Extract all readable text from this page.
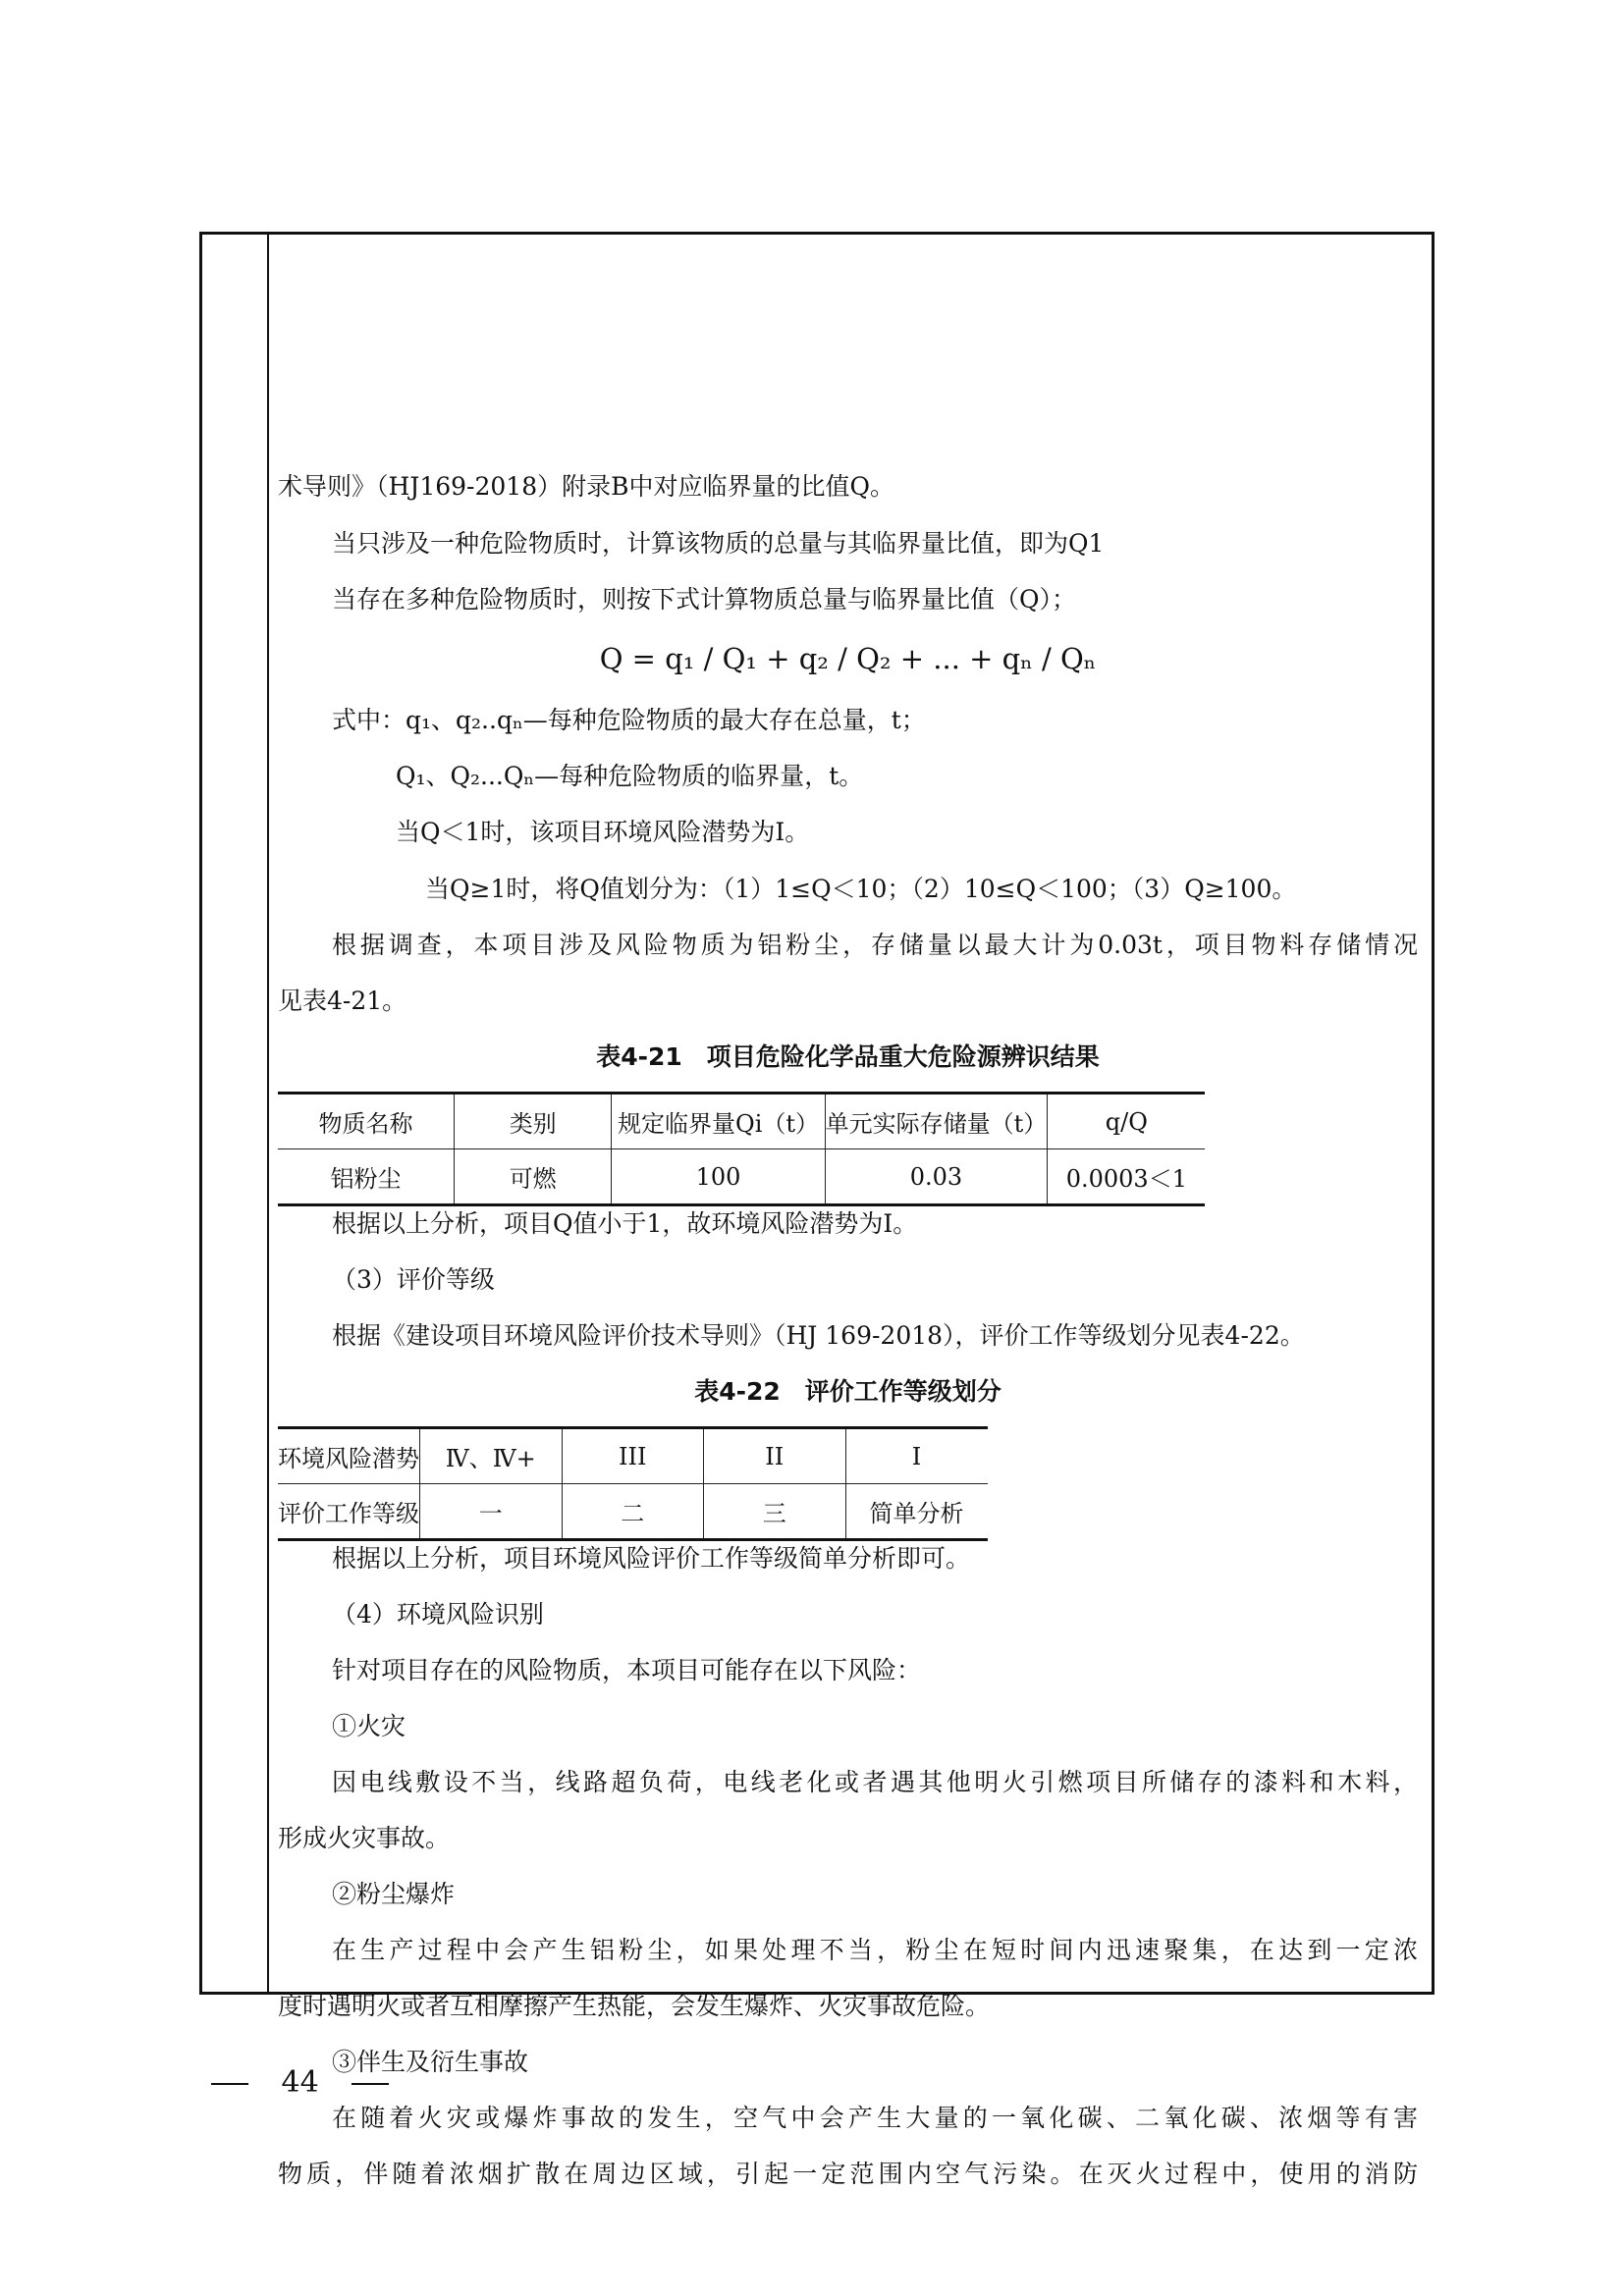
术导则》（HJ169-2018）附录B中对应临界量的比值Q。
当只涉及一种危险物质时，计算该物质的总量与其临界量比值，即为Q1
当存在多种危险物质时，则按下式计算物质总量与临界量比值（Q）；
Q = q₁ / Q₁ + q₂ / Q₂ + ... + qₙ / Qₙ
式中：q₁、q₂..qₙ—每种危险物质的最大存在总量，t；
Q₁、Q₂...Qₙ—每种危险物质的临界量，t。
当Q＜1时，该项目环境风险潜势为Ⅰ。
当Q≥1时，将Q值划分为：（1）1≤Q＜10；（2）10≤Q＜100；（3）Q≥100。
根据调查，本项目涉及风险物质为铝粉尘，存储量以最大计为0.03t，项目物料存储情况
见表4-21。
表4-21　项目危险化学品重大危险源辨识结果
物质名称	类别	规定临界量Qi（t）	单元实际存储量（t）	q/Q
铝粉尘	可燃	100	0.03	0.0003＜1
根据以上分析，项目Q值小于1，故环境风险潜势为Ⅰ。
（3）评价等级
根据《建设项目环境风险评价技术导则》（HJ 169-2018），评价工作等级划分见表4-22。
表4-22　评价工作等级划分
环境风险潜势	Ⅳ、Ⅳ+	III	II	I
评价工作等级	一	二	三	简单分析
根据以上分析，项目环境风险评价工作等级简单分析即可。
（4）环境风险识别
针对项目存在的风险物质，本项目可能存在以下风险：
①火灾
因电线敷设不当，线路超负荷，电线老化或者遇其他明火引燃项目所储存的漆料和木料，
形成火灾事故。
②粉尘爆炸
在生产过程中会产生铝粉尘，如果处理不当，粉尘在短时间内迅速聚集，在达到一定浓
度时遇明火或者互相摩擦产生热能，会发生爆炸、火灾事故危险。
③伴生及衍生事故
在随着火灾或爆炸事故的发生，空气中会产生大量的一氧化碳、二氧化碳、浓烟等有害
物质，伴随着浓烟扩散在周边区域，引起一定范围内空气污染。在灭火过程中，使用的消防
44
